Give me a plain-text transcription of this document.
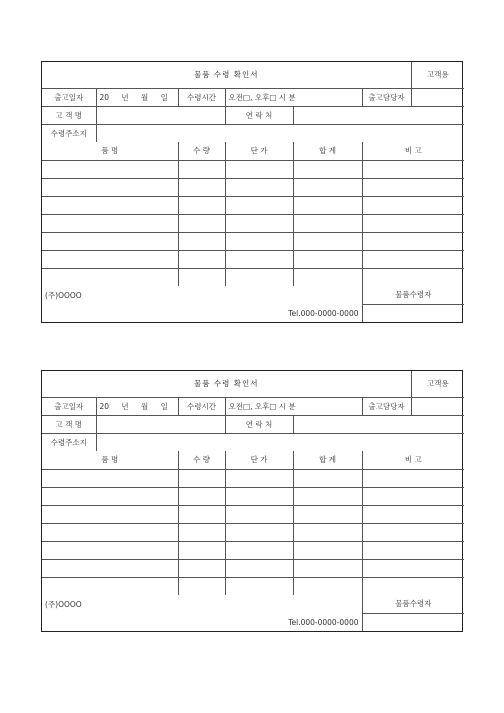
물품 수령 확인서						고객용
출고일자	20 년 월 일	수령시간	오전□, 오후□ 시 분		출고담당자	
고 객 명			연 락 처			
수령주소지						
품 명	수 량	단 가	합 계	비 고

(주)OOOO	물품수령자
Tel.000-0000-0000	
물품 수령 확인서						고객용
출고일자	20 년 월 일	수령시간	오전□, 오후□ 시 분		출고담당자	
고 객 명			연 락 처			
수령주소지						
품 명	수 량	단 가	합 계	비 고

(주)OOOO	물품수령자
Tel.000-0000-0000	
